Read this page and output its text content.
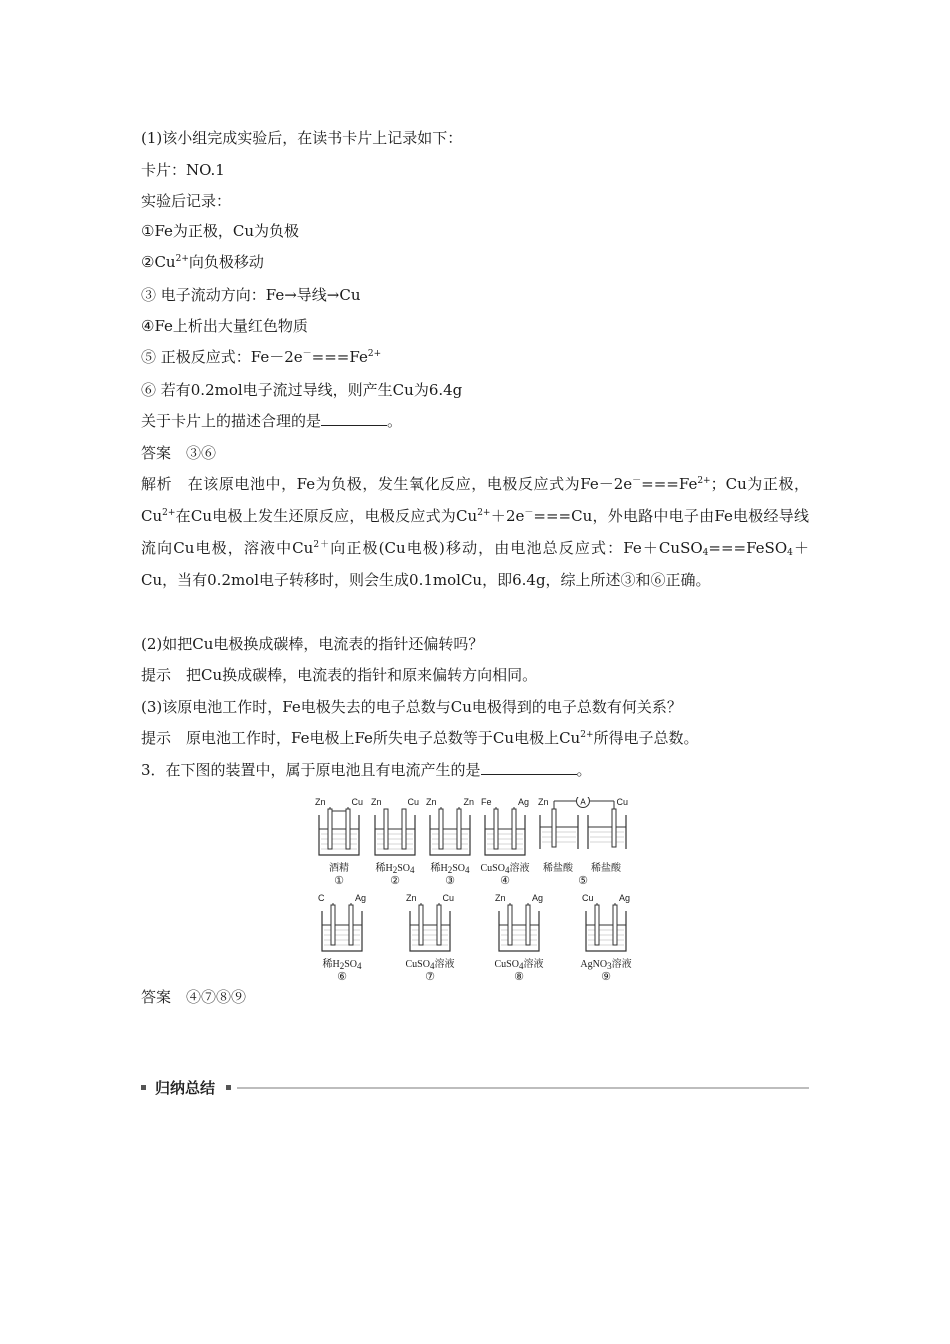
(1)该小组完成实验后，在读书卡片上记录如下：
卡片：NO.1
实验后记录：
①Fe为正极，Cu为负极
$②Cu^{2+}$向负极移动
③ 电子流动方向：Fe→导线→Cu
④Fe上析出大量红色物质
⑤ 正极反应式：$Fe-2e^-===Fe^{2+}$
⑥ 若有0.2mol电子流过导线，则产生Cu为6.4g
关于卡片上的描述合理的是	。
答案　③⑥
解析　在该原电池中，Fe为负极，发生氧化反应，电极反应式为$Fe-2e^-===Fe^{2+}$；Cu为正极，$Cu^{2+}$在Cu电极上发生还原反应，电极反应式为$Cu^{2+}+2e^-===Cu$，外电路中电子由Fe电极经导线流向Cu电极，溶液中$Cu^{2+}$向正极(Cu电极)移动，由电池总反应式：Fe＋CuSO$_4$===FeSO$_4$＋Cu，当有0.2mol电子转移时，则会生成0.1molCu，即6.4g，综上所述③和⑥正确。
(2)如把Cu电极换成碳棒，电流表的指针还偏转吗？
提示　把Cu换成碳棒，电流表的指针和原来偏转方向相同。
(3)该原电池工作时，Fe电极失去的电子总数与Cu电极得到的电子总数有何关系？
提示　原电池工作时，Fe电极上Fe所失电子总数等于Cu电极上$Cu^{2+}$所得电子总数。
3．在下图的装置中，属于原电池且有电流产生的是	。
Zn	Cu
酒精
①
Zn	Cu
稀$H_2SO_4$
②
Zn	Zn
稀$H_2SO_4$
③
Fe	Ag
CuSO$_4$溶液
④
Zn	Cu
A
稀盐酸	稀盐酸
⑤
C	Ag
稀$H_2SO_4$
⑥
Zn	Cu
CuSO$_4$溶液
⑦
Zn	Ag
CuSO$_4$溶液
⑧
Cu	Ag
AgNO$_3$溶液
⑨
答案　④⑦⑧⑨
归纳总结
